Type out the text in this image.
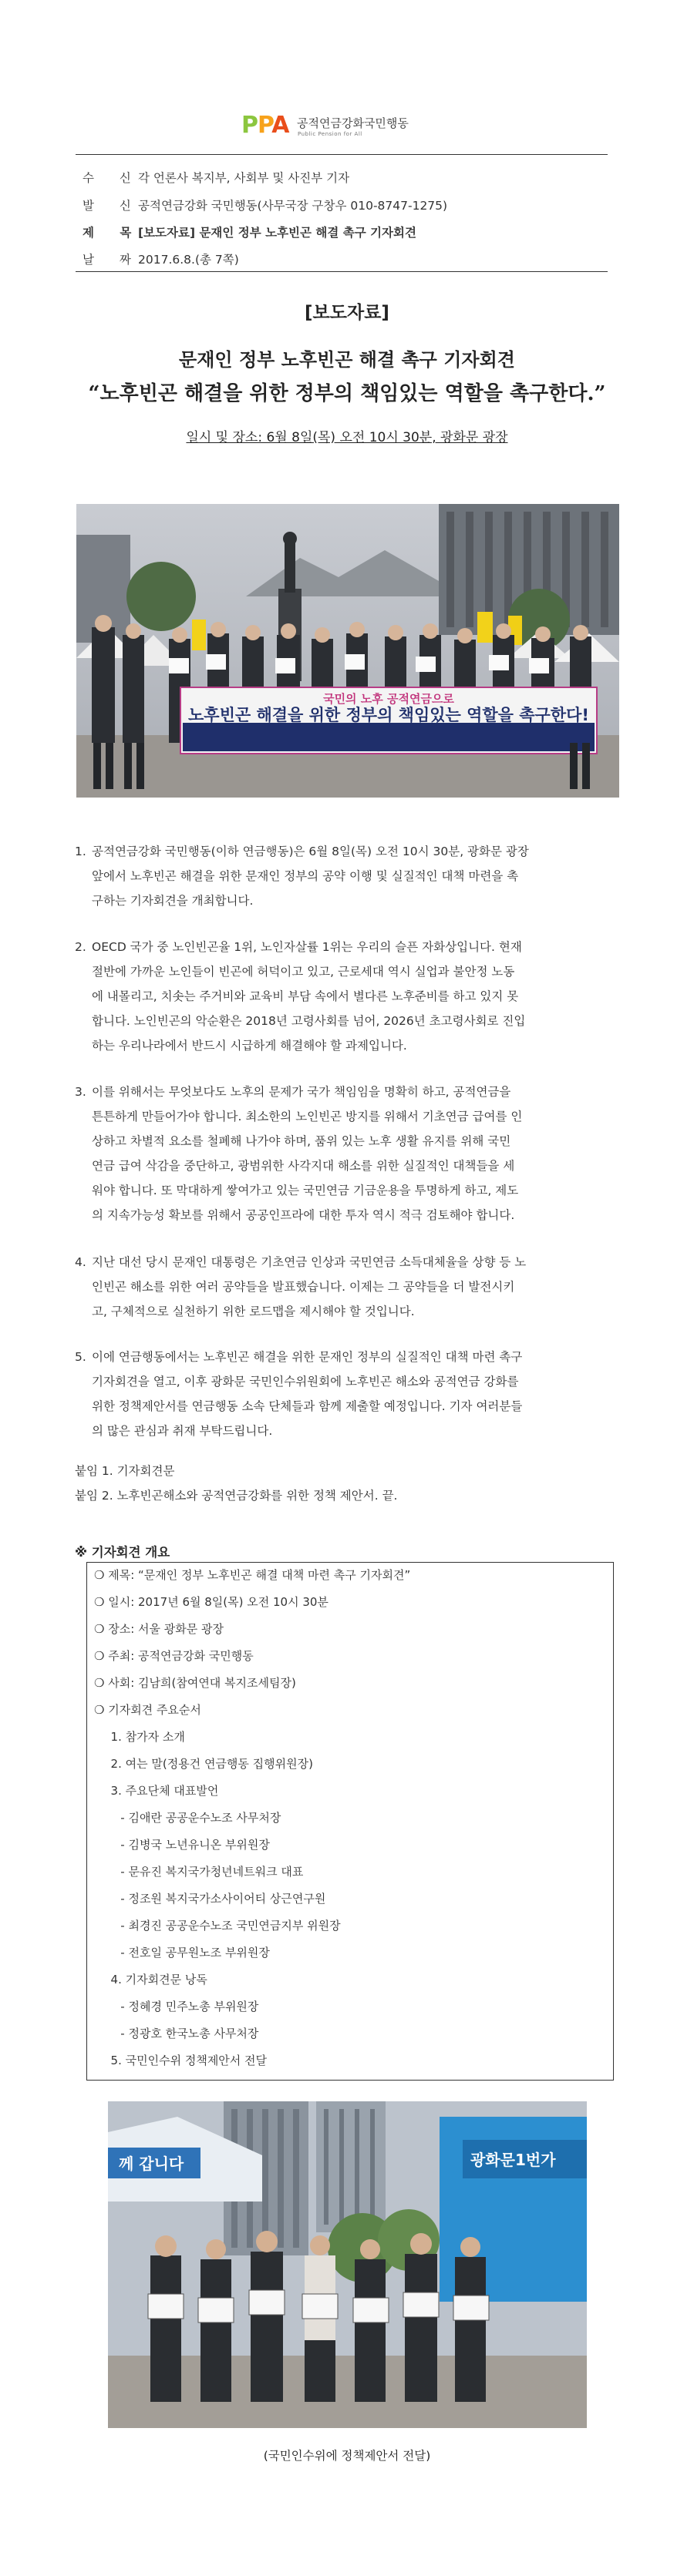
PPA 공적연금강화국민행동
Public Pension for All
수 신각 언론사 복지부, 사회부 및 사진부 기자
발 신공적연금강화 국민행동(사무국장 구창우 010-8747-1275)
제 목[보도자료] 문재인 정부 노후빈곤 해결 촉구 기자회견
날 짜2017.6.8.(총 7쪽)
[보도자료]
문재인 정부 노후빈곤 해결 촉구 기자회견
“노후빈곤 해결을 위한 정부의 책임있는 역할을 촉구한다.”
일시 및 장소: 6월 8일(목) 오전 10시 30분, 광화문 광장
국민의 노후 공적연금으로
노후빈곤 해결을 위한 정부의 책임있는 역할을 촉구한다!
1. 공적연금강화 국민행동(이하 연금행동)은 6월 8일(목) 오전 10시 30분, 광화문 광장
앞에서 노후빈곤 해결을 위한 문재인 정부의 공약 이행 및 실질적인 대책 마련을 촉
구하는 기자회견을 개최합니다.
2. OECD 국가 중 노인빈곤율 1위, 노인자살률 1위는 우리의 슬픈 자화상입니다. 현재
절반에 가까운 노인들이 빈곤에 허덕이고 있고, 근로세대 역시 실업과 불안정 노동
에 내몰리고, 치솟는 주거비와 교육비 부담 속에서 별다른 노후준비를 하고 있지 못
합니다. 노인빈곤의 악순환은 2018년 고령사회를 넘어, 2026년 초고령사회로 진입
하는 우리나라에서 반드시 시급하게 해결해야 할 과제입니다.
3. 이를 위해서는 무엇보다도 노후의 문제가 국가 책임임을 명확히 하고, 공적연금을
튼튼하게 만들어가야 합니다. 최소한의 노인빈곤 방지를 위해서 기초연금 급여를 인
상하고 차별적 요소를 철폐해 나가야 하며, 품위 있는 노후 생활 유지를 위해 국민
연금 급여 삭감을 중단하고, 광범위한 사각지대 해소를 위한 실질적인 대책들을 세
워야 합니다. 또 막대하게 쌓여가고 있는 국민연금 기금운용을 투명하게 하고, 제도
의 지속가능성 확보를 위해서 공공인프라에 대한 투자 역시 적극 검토해야 합니다.
4. 지난 대선 당시 문재인 대통령은 기초연금 인상과 국민연금 소득대체율을 상향 등 노
인빈곤 해소를 위한 여러 공약들을 발표했습니다. 이제는 그 공약들을 더 발전시키
고, 구체적으로 실천하기 위한 로드맵을 제시해야 할 것입니다.
5. 이에 연금행동에서는 노후빈곤 해결을 위한 문재인 정부의 실질적인 대책 마련 촉구
기자회견을 열고, 이후 광화문 국민인수위원회에 노후빈곤 해소와 공적연금 강화를
위한 정책제안서를 연금행동 소속 단체들과 함께 제출할 예정입니다. 기자 여러분들
의 많은 관심과 취재 부탁드립니다.
붙임 1. 기자회견문
붙임 2. 노후빈곤해소와 공적연금강화를 위한 정책 제안서. 끝.
※ 기자회견 개요
❍ 제목: “문재인 정부 노후빈곤 해결 대책 마련 촉구 기자회견”
❍ 일시: 2017년 6월 8일(목) 오전 10시 30분
❍ 장소: 서울 광화문 광장
❍ 주최: 공적연금강화 국민행동
❍ 사회: 김남희(참여연대 복지조세팀장)
❍ 기자회견 주요순서
1. 참가자 소개
2. 여는 말(정용건 연금행동 집행위원장)
3. 주요단체 대표발언
- 김애란 공공운수노조 사무처장
- 김병국 노년유니온 부위원장
- 문유진 복지국가청년네트워크 대표
- 정조원 복지국가소사이어티 상근연구원
- 최경진 공공운수노조 국민연금지부 위원장
- 전호일 공무원노조 부위원장
4. 기자회견문 낭독
- 정혜경 민주노총 부위원장
- 정광호 한국노총 사무처장
5. 국민인수위 정책제안서 전달
께 갑니다	광화문1번가
(국민인수위에 정책제안서 전달)
